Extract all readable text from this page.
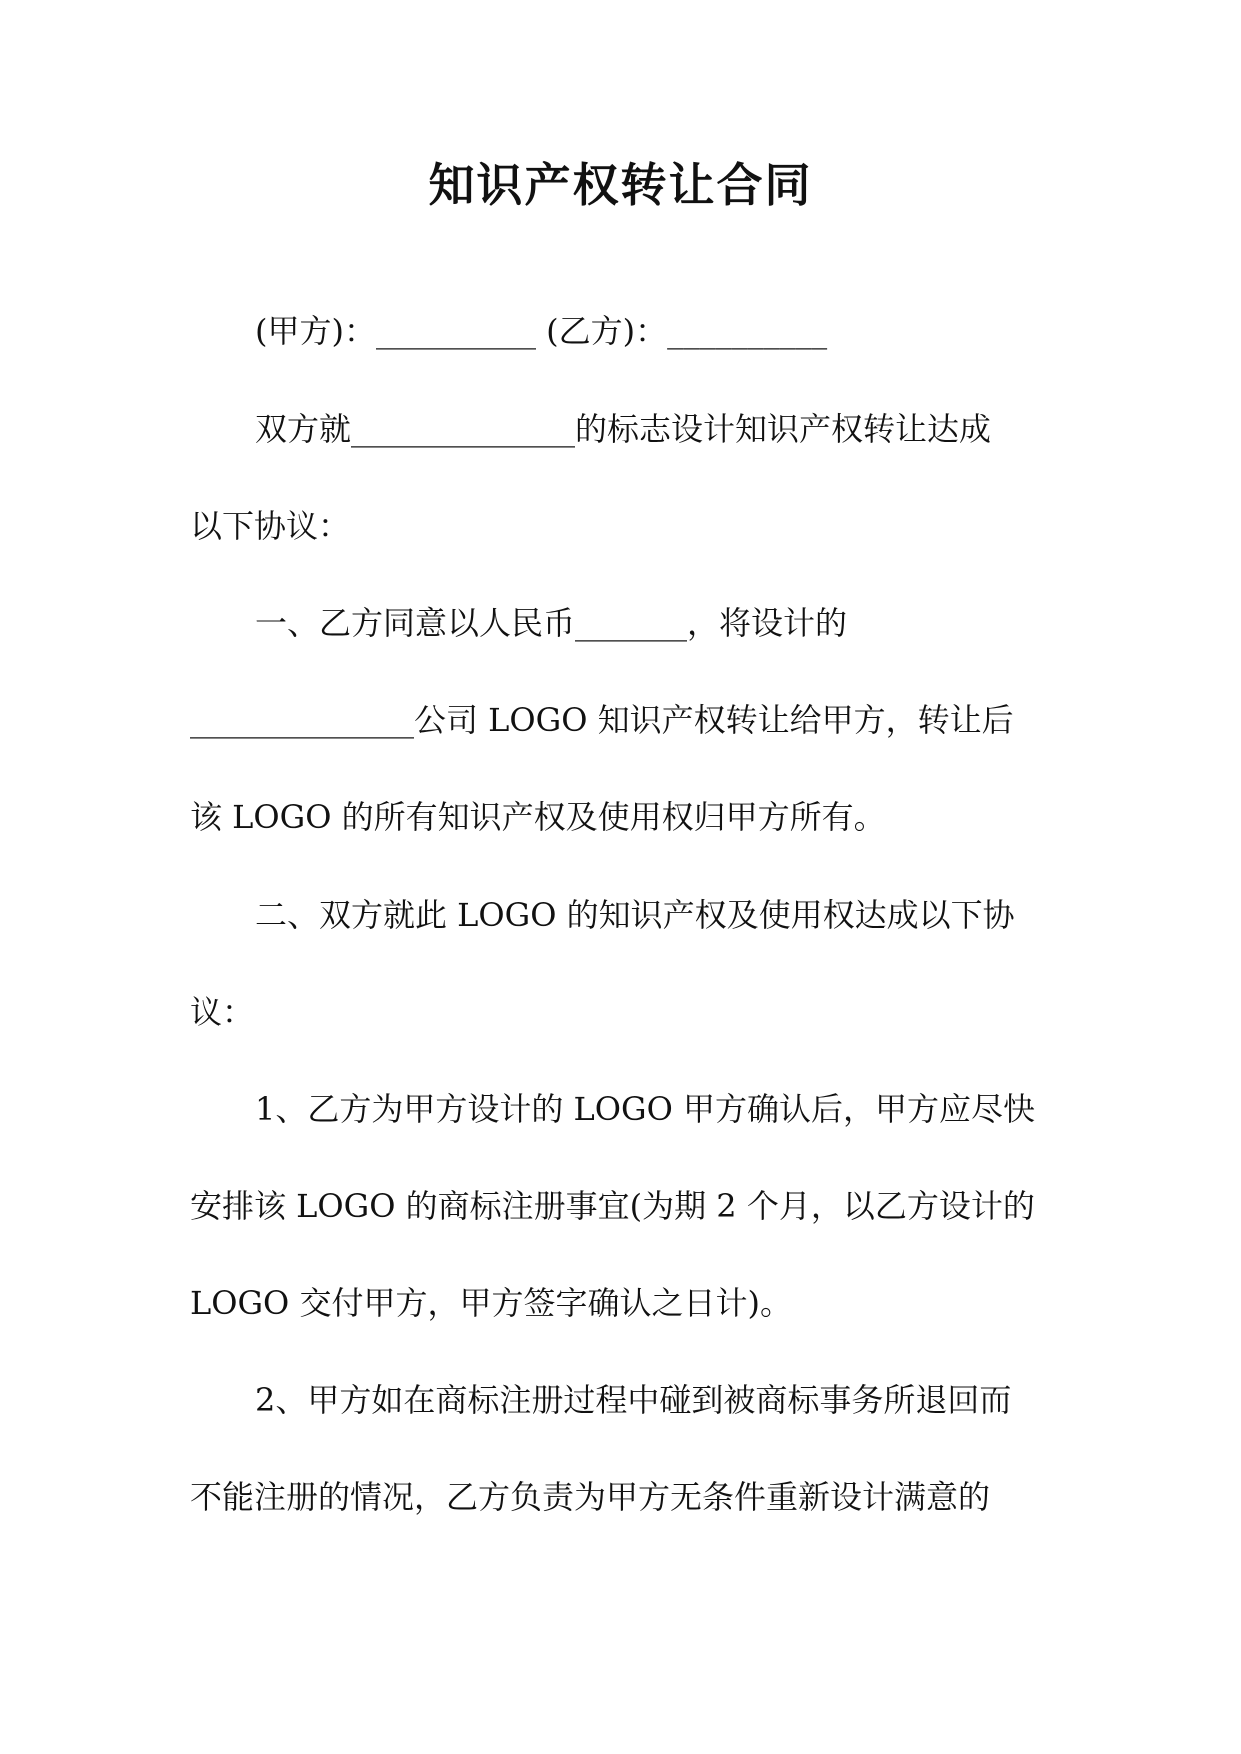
知识产权转让合同
(甲方)：__________ (乙方)：__________
双方就______________的标志设计知识产权转让达成
以下协议：
一、乙方同意以人民币_______，将设计的
______________公司 LOGO 知识产权转让给甲方，转让后
该 LOGO 的所有知识产权及使用权归甲方所有。
二、双方就此 LOGO 的知识产权及使用权达成以下协
议：
1、乙方为甲方设计的 LOGO 甲方确认后，甲方应尽快
安排该 LOGO 的商标注册事宜(为期 2 个月，以乙方设计的
LOGO 交付甲方，甲方签字确认之日计)。
2、甲方如在商标注册过程中碰到被商标事务所退回而
不能注册的情况，乙方负责为甲方无条件重新设计满意的
